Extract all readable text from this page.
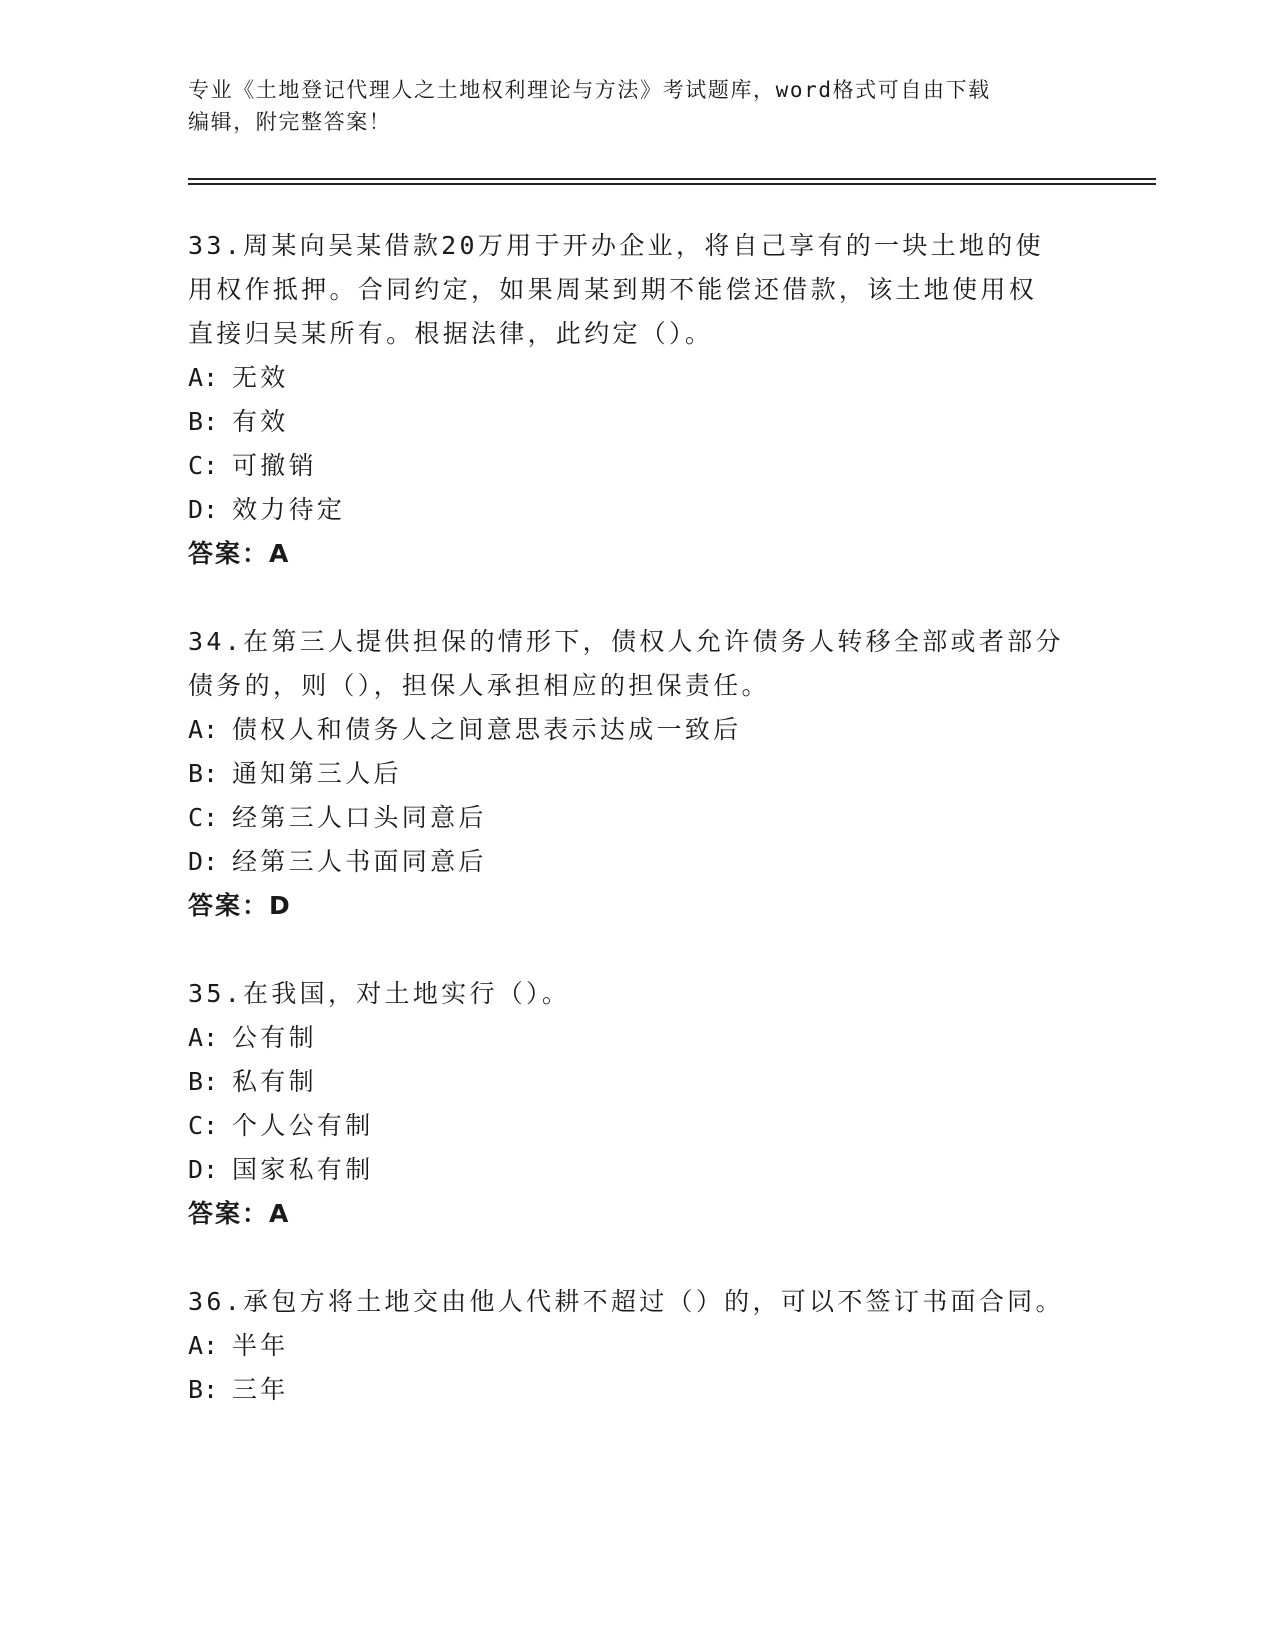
专业《土地登记代理人之土地权利理论与方法》考试题库，word格式可自由下载
编辑，附完整答案！
33.周某向吴某借款20万用于开办企业，将自己享有的一块土地的使
用权作抵押。合同约定，如果周某到期不能偿还借款，该土地使用权
直接归吴某所有。根据法律，此约定（）。
A: 无效
B: 有效
C: 可撤销
D: 效力待定
答案：A
34.在第三人提供担保的情形下，债权人允许债务人转移全部或者部分
债务的，则（），担保人承担相应的担保责任。
A: 债权人和债务人之间意思表示达成一致后
B: 通知第三人后
C: 经第三人口头同意后
D: 经第三人书面同意后
答案：D
35.在我国，对土地实行（）。
A: 公有制
B: 私有制
C: 个人公有制
D: 国家私有制
答案：A
36.承包方将土地交由他人代耕不超过（）的，可以不签订书面合同。
A: 半年
B: 三年
